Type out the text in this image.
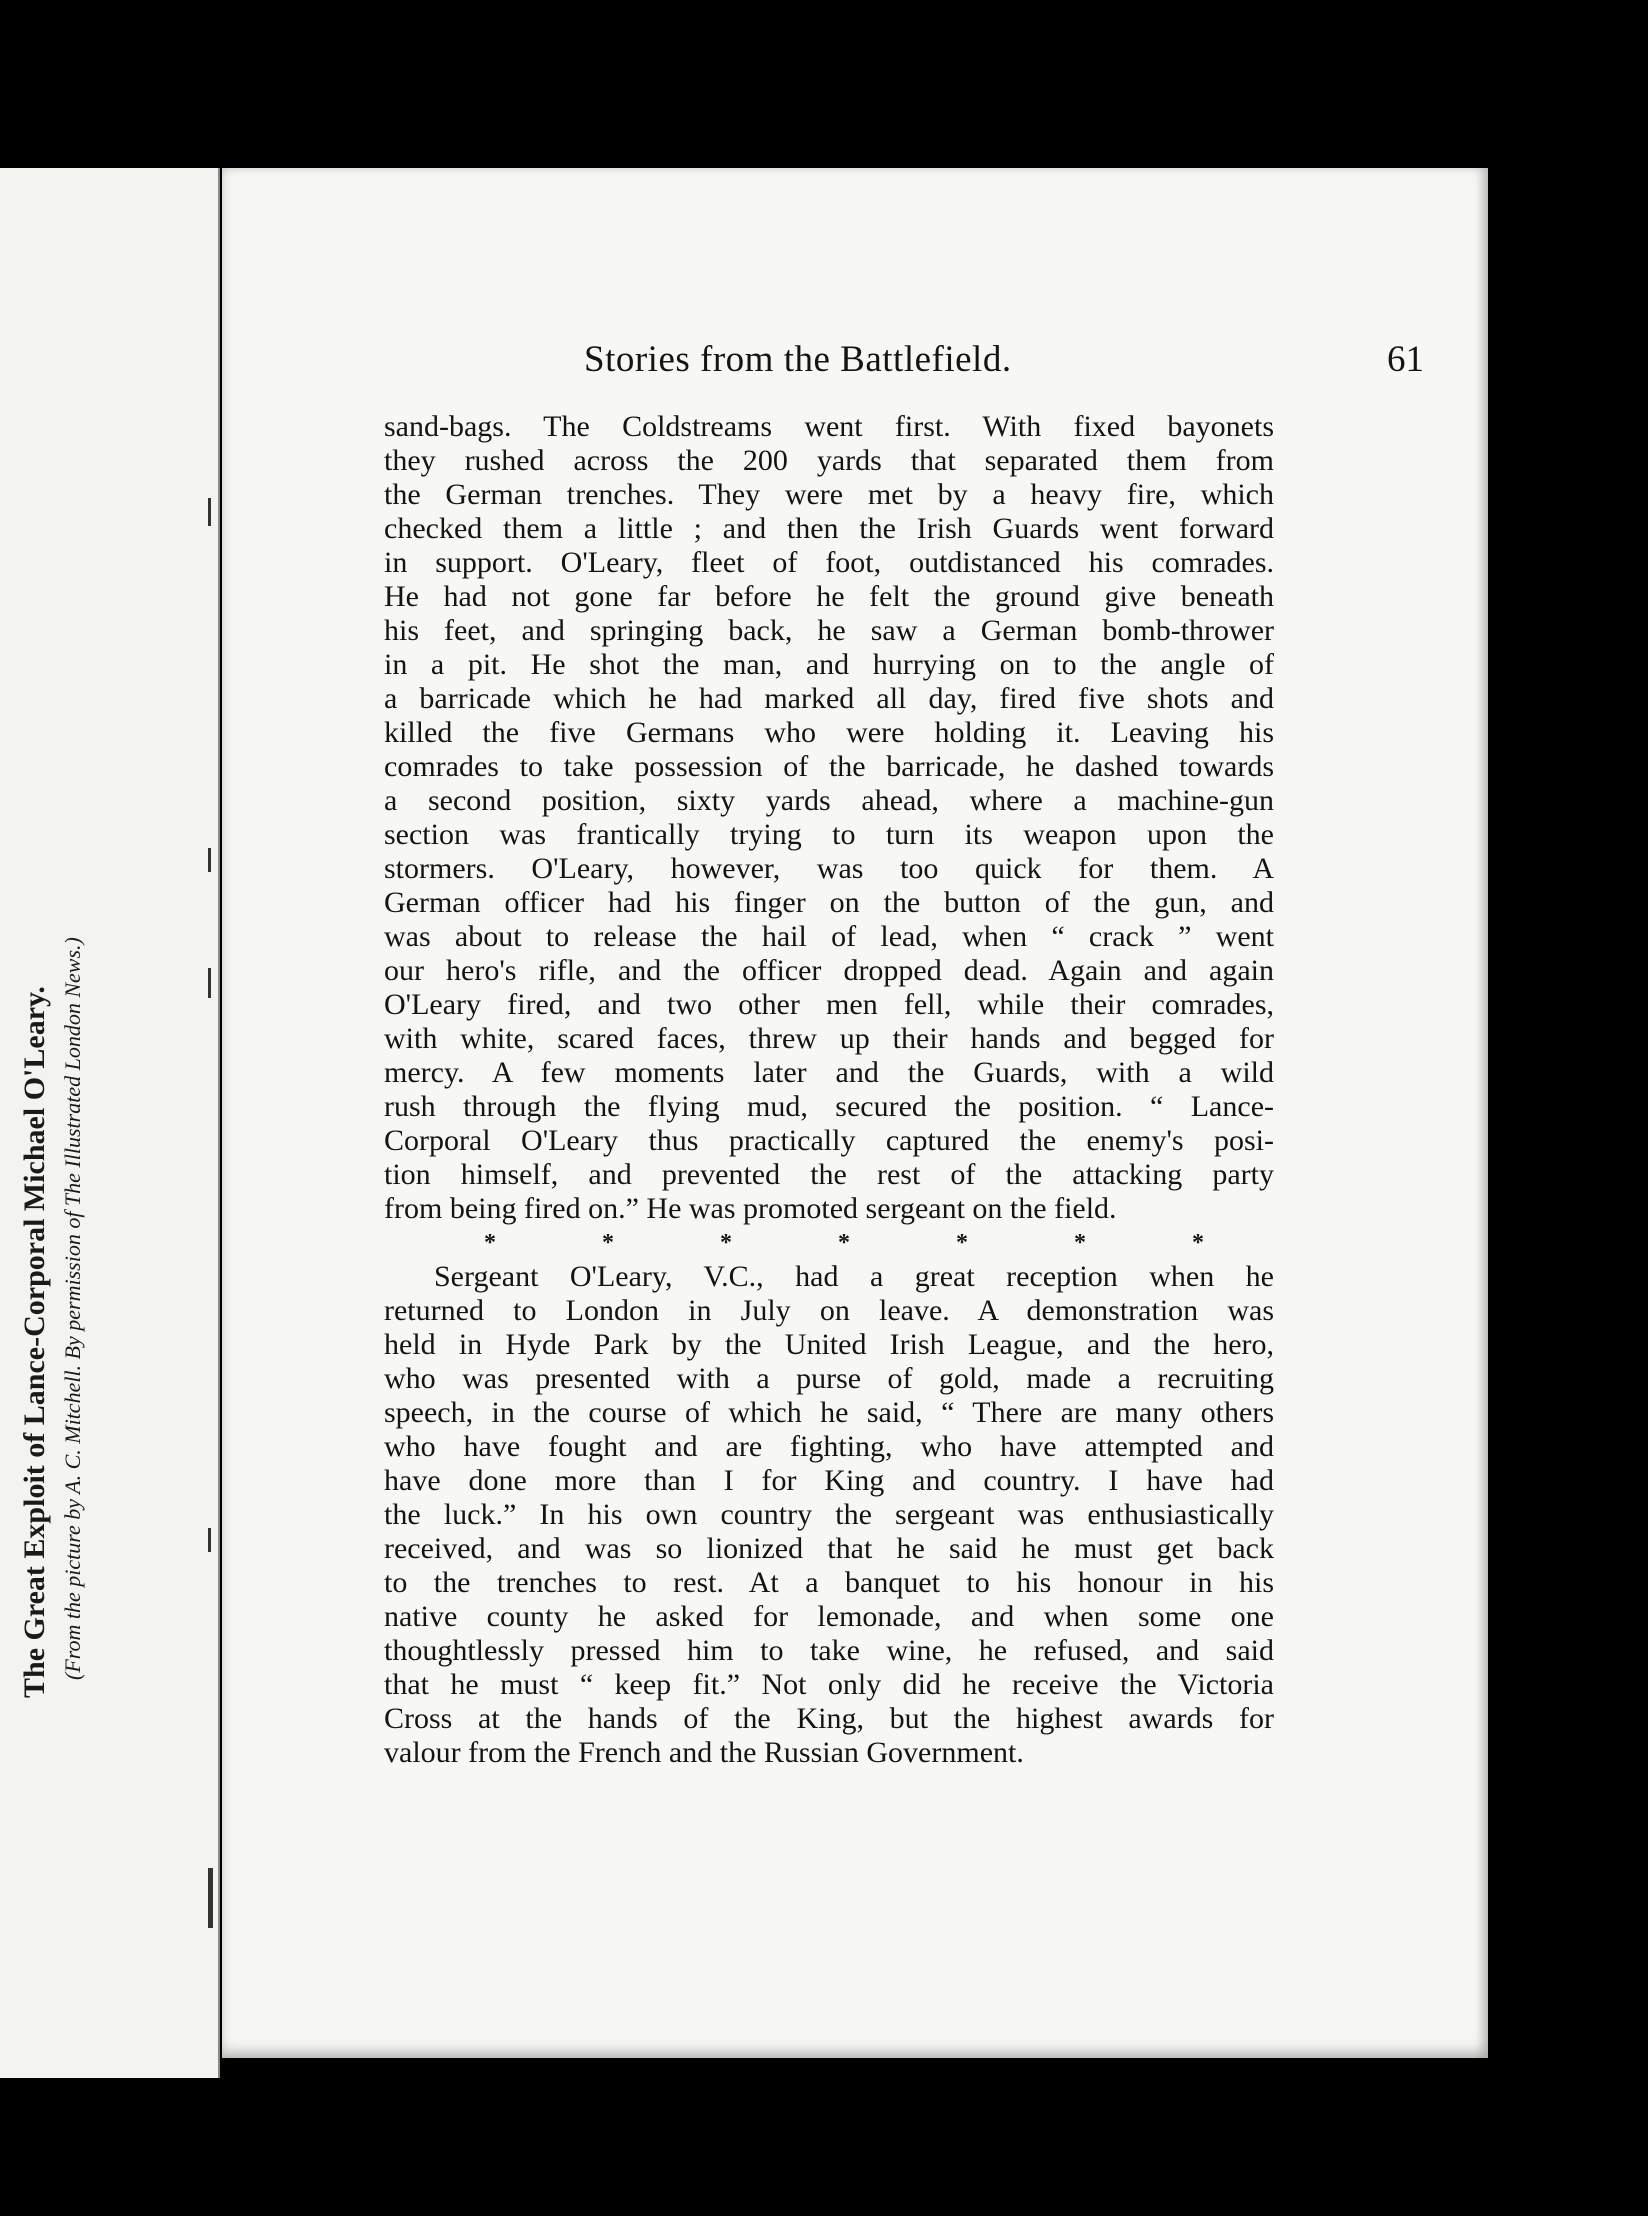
The Great Exploit of Lance-Corporal Michael O'Leary. (From the picture by A. C. Mitchell. By permission of The Illustrated London News.)
Stories from the Battlefield.	61
sand-bags. The Coldstreams went first. With fixed bayonets
they rushed across the 200 yards that separated them from
the German trenches. They were met by a heavy fire, which
checked them a little ; and then the Irish Guards went forward
in support. O'Leary, fleet of foot, outdistanced his comrades.
He had not gone far before he felt the ground give beneath
his feet, and springing back, he saw a German bomb-thrower
in a pit. He shot the man, and hurrying on to the angle of
a barricade which he had marked all day, fired five shots and
killed the five Germans who were holding it. Leaving his
comrades to take possession of the barricade, he dashed towards
a second position, sixty yards ahead, where a machine-gun
section was frantically trying to turn its weapon upon the
stormers. O'Leary, however, was too quick for them. A
German officer had his finger on the button of the gun, and
was about to release the hail of lead, when “ crack ” went
our hero's rifle, and the officer dropped dead. Again and again
O'Leary fired, and two other men fell, while their comrades,
with white, scared faces, threw up their hands and begged for
mercy. A few moments later and the Guards, with a wild
rush through the flying mud, secured the position. “ Lance-
Corporal O'Leary thus practically captured the enemy's posi-
tion himself, and prevented the rest of the attacking party
from being fired on.” He was promoted sergeant on the field.
*	*	*	*	*	*	*
Sergeant O'Leary, V.C., had a great reception when he
returned to London in July on leave. A demonstration was
held in Hyde Park by the United Irish League, and the hero,
who was presented with a purse of gold, made a recruiting
speech, in the course of which he said, “ There are many others
who have fought and are fighting, who have attempted and
have done more than I for King and country. I have had
the luck.” In his own country the sergeant was enthusiastically
received, and was so lionized that he said he must get back
to the trenches to rest. At a banquet to his honour in his
native county he asked for lemonade, and when some one
thoughtlessly pressed him to take wine, he refused, and said
that he must “ keep fit.” Not only did he receive the Victoria
Cross at the hands of the King, but the highest awards for
valour from the French and the Russian Government.
